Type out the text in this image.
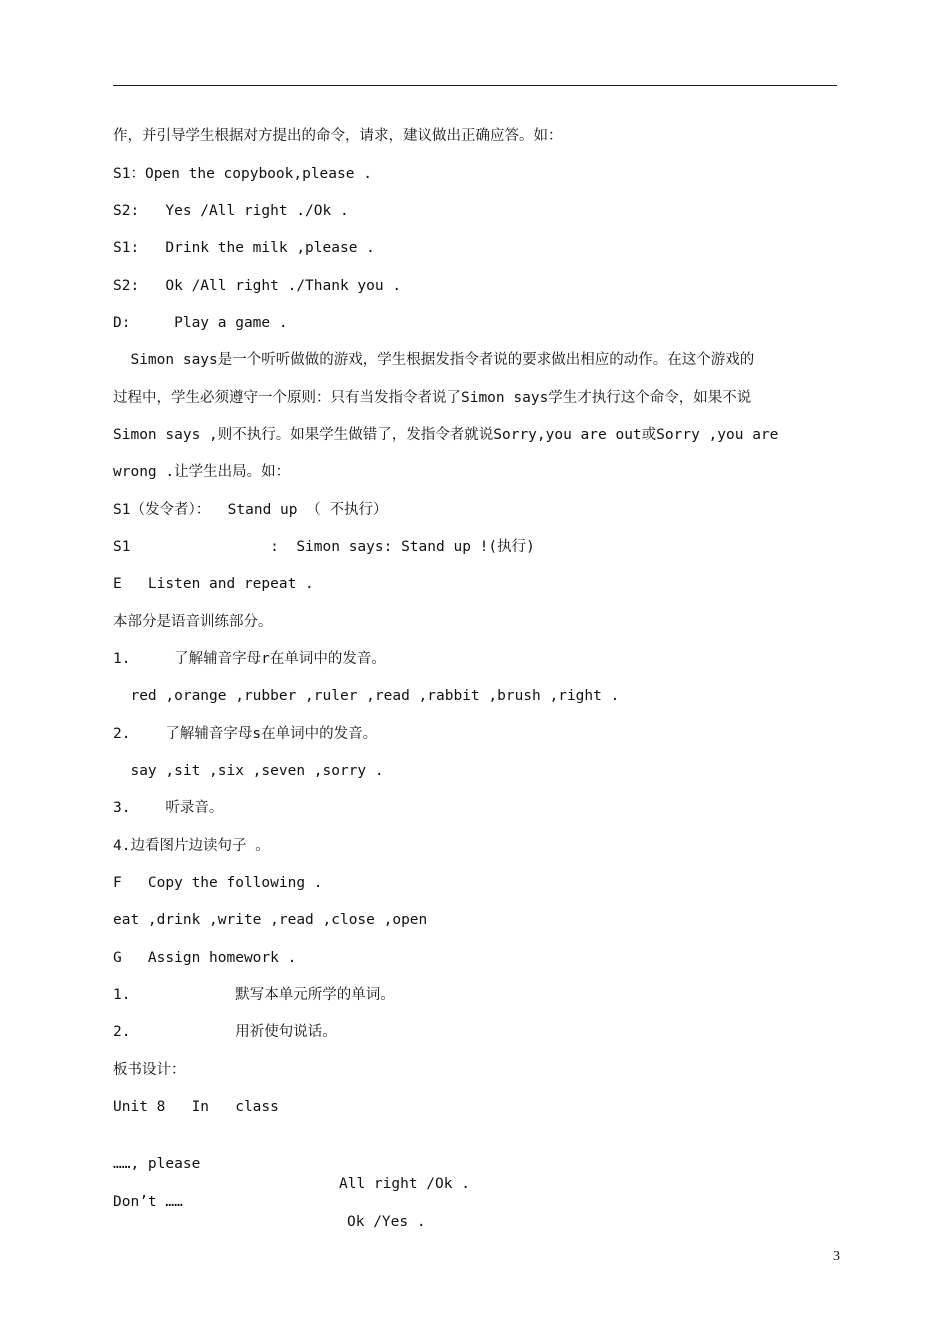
作，并引导学生根据对方提出的命令，请求，建议做出正确应答。如：
S1：Open the copybook,please .
S2:   Yes /All right ./Ok .
S1:   Drink the milk ,please .
S2:   Ok /All right ./Thank you .
D:     Play a game .
Simon says是一个听听做做的游戏，学生根据发指令者说的要求做出相应的动作。在这个游戏的
过程中，学生必须遵守一个原则：只有当发指令者说了Simon says学生才执行这个命令，如果不说
Simon says ,则不执行。如果学生做错了，发指令者就说Sorry,you are out或Sorry ,you are
wrong .让学生出局。如：
S1（发令者）：  Stand up （ 不执行）
S1                :  Simon says: Stand up !(执行)
E   Listen and repeat .
本部分是语音训练部分。
1.     了解辅音字母r在单词中的发音。
red ,orange ,rubber ,ruler ,read ,rabbit ,brush ,right .
2.    了解辅音字母s在单词中的发音。
say ,sit ,six ,seven ,sorry .
3.    听录音。
4.边看图片边读句子 。
F   Copy the following .
eat ,drink ,write ,read ,close ,open
G   Assign homework .
1.            默写本单元所学的单词。
2.            用祈使句说话。
板书设计：
Unit 8   In   class

……, please

All right /Ok .

Don’t ……

Ok /Yes .

3
